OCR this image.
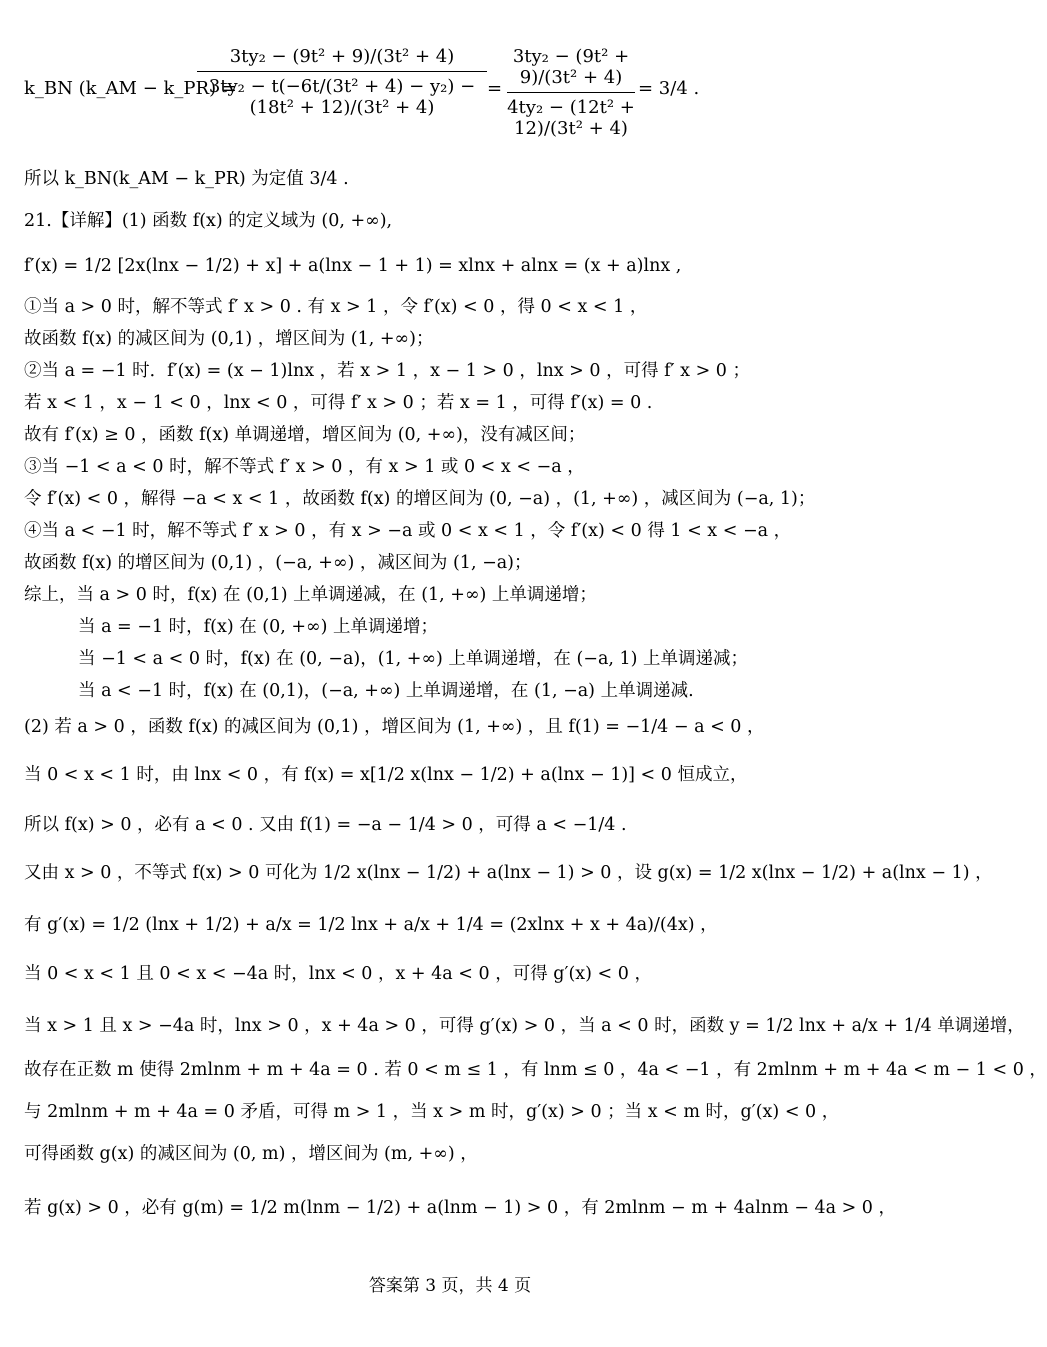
k_BN (k_AM − k_PR) =
$\frac{\text{3ty₂ − (9t² + 9)/(3t² + 4)}}{\text{3ty₂ − t(−6t/(3t² + 4) − y₂) − (18t² + 12)/(3t² + 4)}} = \frac{\text{3ty₂ − (9t² + 9)/(3t² + 4)}}{\text{4ty₂ − (12t² + 12)/(3t² + 4)}} = 3/4$ .
所以 k_BN(k_AM − k_PR) 为定值 3/4 .
21.【详解】(1) 函数 f(x) 的定义域为 (0, +∞),
f′(x) = 1/2 [2x(lnx − 1/2) + x] + a(lnx − 1 + 1) = xlnx + alnx = (x + a)lnx ,
①当 a > 0 时，解不等式 f′ x > 0 . 有 x > 1 ，令 f′(x) < 0 ，得 0 < x < 1 ，
故函数 f(x) 的减区间为 (0,1) ，增区间为 (1, +∞)；
②当 a = −1 时．f′(x) = (x − 1)lnx ，若 x > 1 ，x − 1 > 0 ，lnx > 0 ，可得 f′ x > 0 ；
若 x < 1 ，x − 1 < 0 ，lnx < 0 ，可得 f′ x > 0 ；若 x = 1 ，可得 f′(x) = 0 .
故有 f′(x) ≥ 0 ，函数 f(x) 单调递增，增区间为 (0, +∞)，没有减区间；
③当 −1 < a < 0 时，解不等式 f′ x > 0 ，有 x > 1 或 0 < x < −a ，
令 f′(x) < 0 ，解得 −a < x < 1 ，故函数 f(x) 的增区间为 (0, −a) ，(1, +∞) ，减区间为 (−a, 1)；
④当 a < −1 时，解不等式 f′ x > 0 ，有 x > −a 或 0 < x < 1 ，令 f′(x) < 0 得 1 < x < −a ，
故函数 f(x) 的增区间为 (0,1) ，(−a, +∞) ，减区间为 (1, −a)；
综上，当 a > 0 时，f(x) 在 (0,1) 上单调递减，在 (1, +∞) 上单调递增；
当 a = −1 时，f(x) 在 (0, +∞) 上单调递增；
当 −1 < a < 0 时，f(x) 在 (0, −a)，(1, +∞) 上单调递增，在 (−a, 1) 上单调递减；
当 a < −1 时，f(x) 在 (0,1)，(−a, +∞) 上单调递增，在 (1, −a) 上单调递减.
(2) 若 a > 0 ，函数 f(x) 的减区间为 (0,1) ，增区间为 (1, +∞) ，且 f(1) = −1/4 − a < 0 ，
当 0 < x < 1 时，由 lnx < 0 ，有 f(x) = x[1/2 x(lnx − 1/2) + a(lnx − 1)] < 0 恒成立，
所以 f(x) > 0 ，必有 a < 0 . 又由 f(1) = −a − 1/4 > 0 ，可得 a < −1/4 .
又由 x > 0 ，不等式 f(x) > 0 可化为 1/2 x(lnx − 1/2) + a(lnx − 1) > 0 ，设 g(x) = 1/2 x(lnx − 1/2) + a(lnx − 1) ，
有 g′(x) = 1/2 (lnx + 1/2) + a/x = 1/2 lnx + a/x + 1/4 = (2xlnx + x + 4a)/(4x) ，
当 0 < x < 1 且 0 < x < −4a 时，lnx < 0 ，x + 4a < 0 ，可得 g′(x) < 0 ，
当 x > 1 且 x > −4a 时，lnx > 0 ，x + 4a > 0 ，可得 g′(x) > 0 ，当 a < 0 时，函数 y = 1/2 lnx + a/x + 1/4 单调递增，
故存在正数 m 使得 2mlnm + m + 4a = 0 . 若 0 < m ≤ 1 ，有 lnm ≤ 0 ，4a < −1 ，有 2mlnm + m + 4a < m − 1 < 0 ，
与 2mlnm + m + 4a = 0 矛盾，可得 m > 1 ，当 x > m 时，g′(x) > 0 ；当 x < m 时，g′(x) < 0 ，
可得函数 g(x) 的减区间为 (0, m) ，增区间为 (m, +∞) ，
若 g(x) > 0 ，必有 g(m) = 1/2 m(lnm − 1/2) + a(lnm − 1) > 0 ，有 2mlnm − m + 4alnm − 4a > 0 ，
答案第 3 页，共 4 页
